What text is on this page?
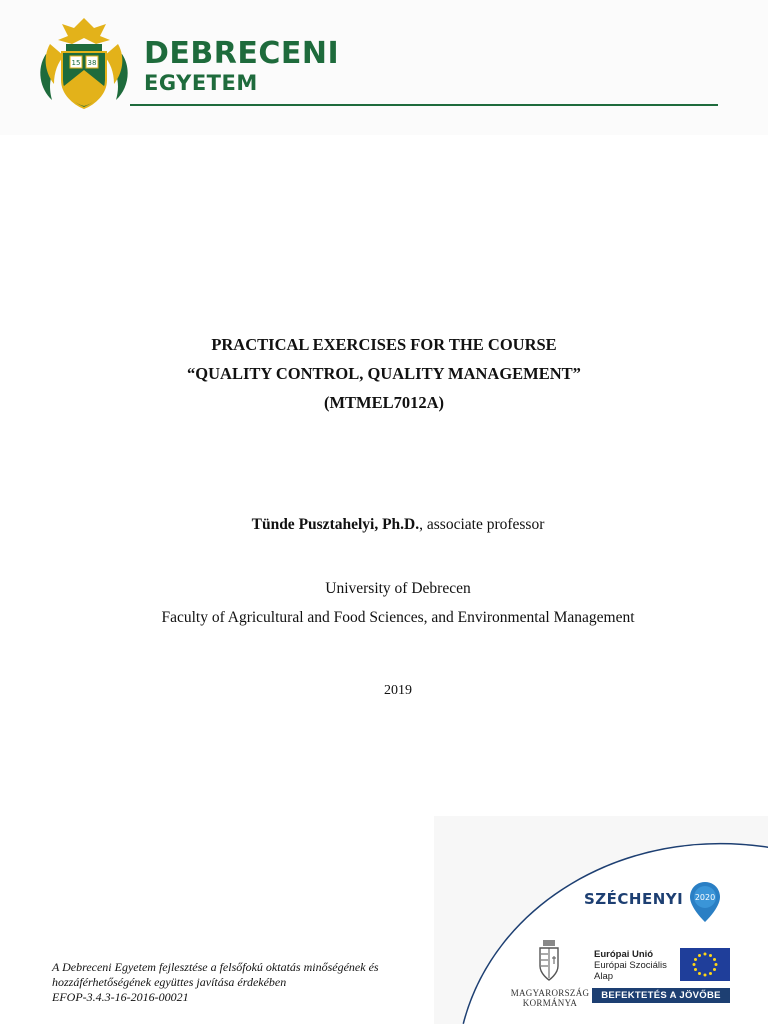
15 38 DEBRECENI
EGYETEM
PRACTICAL EXERCISES FOR THE COURSE
“QUALITY CONTROL, QUALITY MANAGEMENT”
(MTMEL7012A)
Tünde Pusztahelyi, Ph.D., associate professor
University of Debrecen
Faculty of Agricultural and Food Sciences, and Environmental Management
2019
A Debreceni Egyetem fejlesztése a felsőfokú oktatás minőségének és
hozzáférhetőségének együttes javítása érdekében
EFOP-3.4.3-16-2016-00021
SZÉCHENYI 2020
MAGYARORSZÁG
KORMÁNYA
Európai Unió
Európai Szociális
Alap
BEFEKTETÉS A JÖVŐBE
